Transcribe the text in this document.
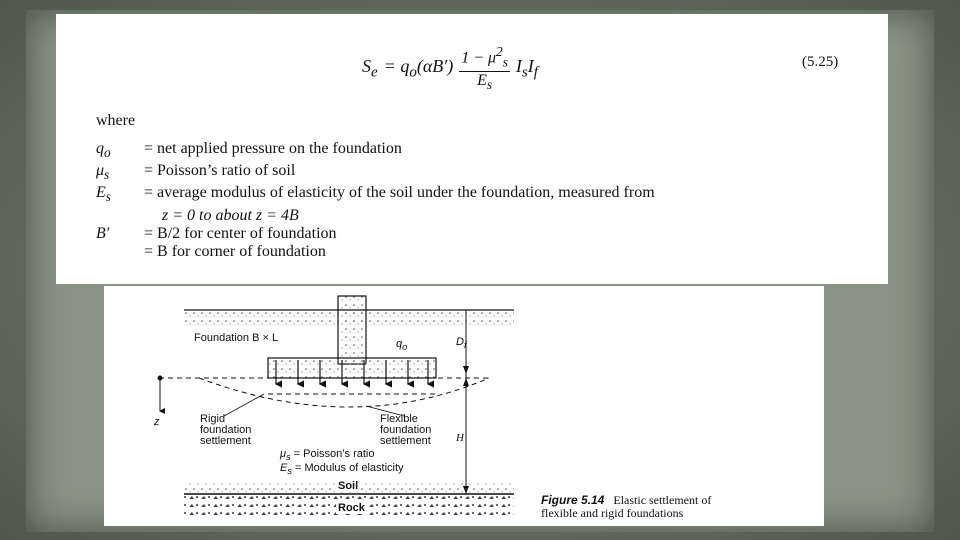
$S_e = q_o(\alpha B') \frac{1 - \mu^2_s}{E_s} I_sI_f$
(5.25)
where
$q_o$	= net applied pressure on the foundation
$\mu_s$	= Poisson’s ratio of soil
$E_s$	= average modulus of elasticity of the soil under the foundation, measured from
z = 0 to about z = 4B
B′	= B/2 for center of foundation
= B for corner of foundation
Foundation B × L	$q_o$	$D_f$
z	Rigid
foundation
settlement
Flexible
foundation
settlement H
$\mu_s$ = Poisson’s ratio
$E_s$ = Modulus of elasticity
Soil
Rock
Figure 5.14 Elastic settlement of
flexible and rigid foundations
